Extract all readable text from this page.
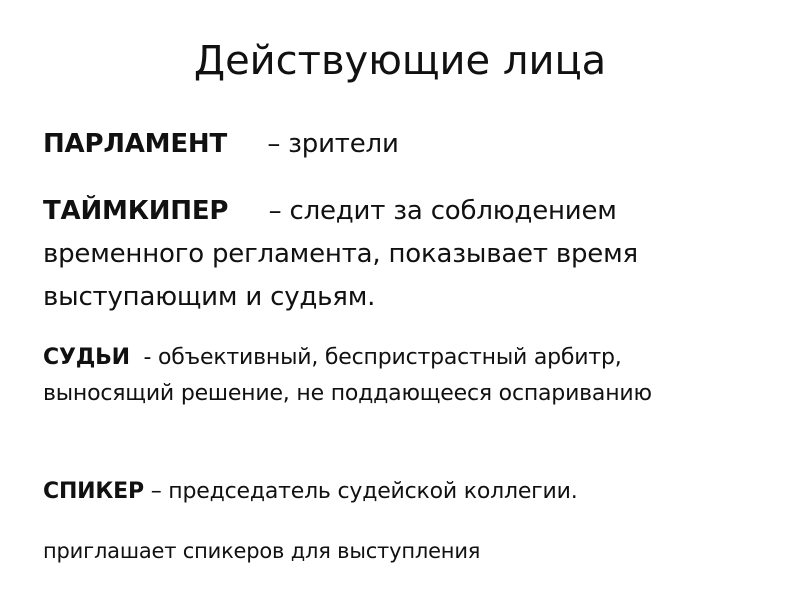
Действующие лица
ПАРЛАМЕНТ – зрители
ТАЙМКИПЕР – следит за соблюдением временного регламента, показывает время выступающим и судьям.
СУДЬИ - объективный, беспристрастный арбитр, выносящий решение, не поддающееся оспариванию
СПИКЕР – председатель судейской коллегии.
приглашает спикеров для выступления
